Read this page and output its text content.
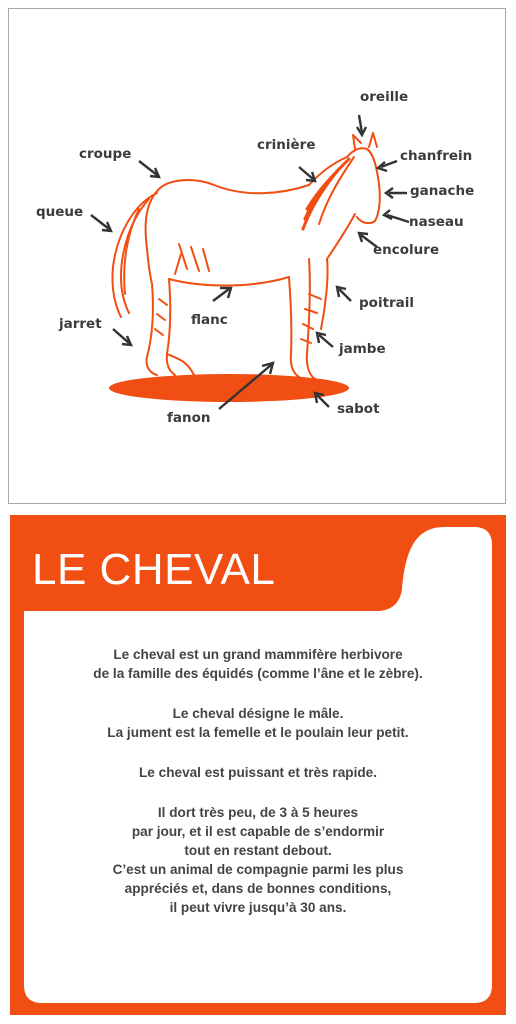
oreille
crinière
chanfrein
croupe
ganache
queue
naseau
encolure
poitrail
jarret	flanc
jambe
sabot
fanon
LE CHEVAL
Le cheval est un grand mammifère herbivore
de la famille des équidés (comme l’âne et le zèbre).
Le cheval désigne le mâle.
La jument est la femelle et le poulain leur petit.
Le cheval est puissant et très rapide.
Il dort très peu, de 3 à 5 heures
par jour, et il est capable de s’endormir
tout en restant debout.
C’est un animal de compagnie parmi les plus
appréciés et, dans de bonnes conditions,
il peut vivre jusqu’à 30 ans.
